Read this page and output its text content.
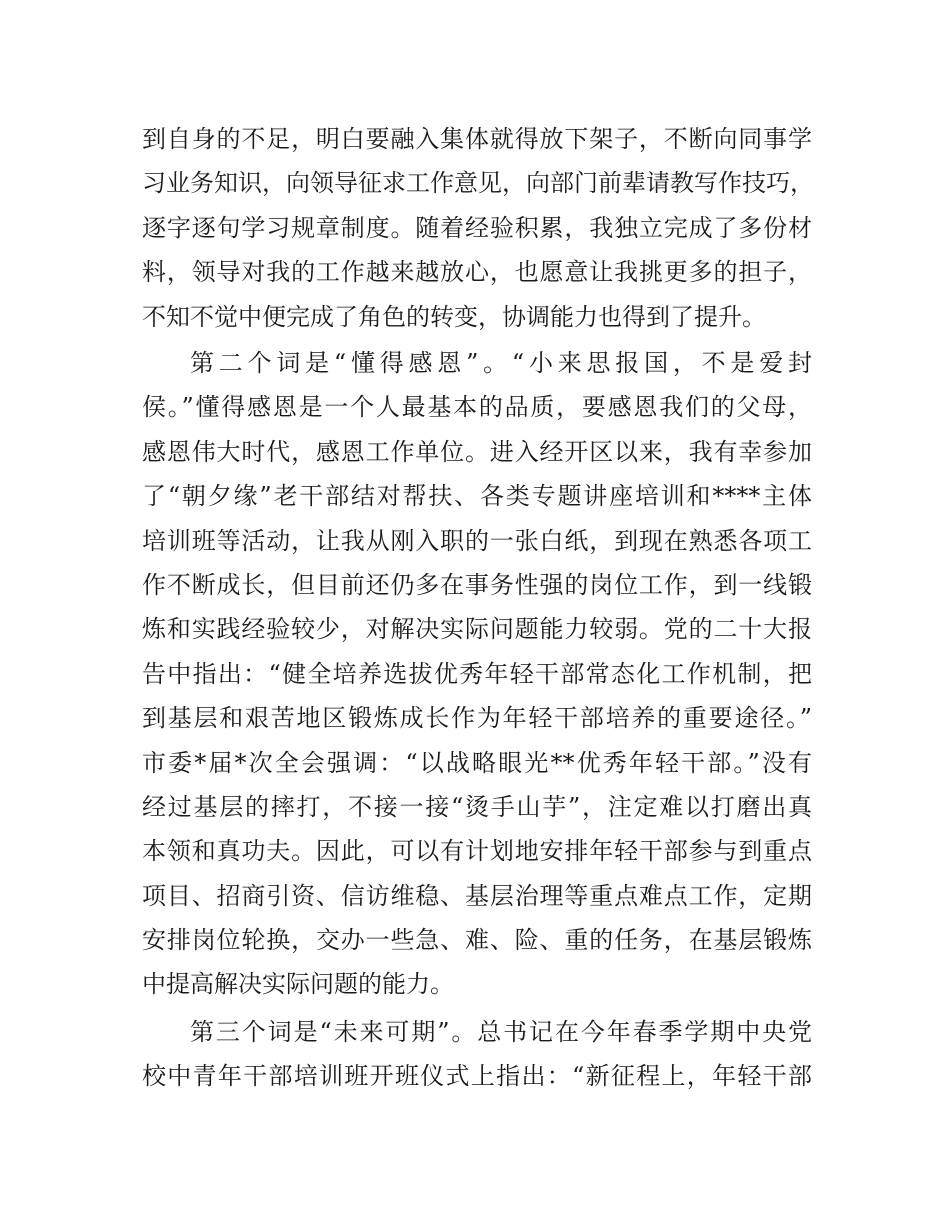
到自身的不足，明白要融入集体就得放下架子，不断向同事学
习业务知识，向领导征求工作意见，向部门前辈请教写作技巧，
逐字逐句学习规章制度。随着经验积累，我独立完成了多份材
料，领导对我的工作越来越放心，也愿意让我挑更多的担子，
不知不觉中便完成了角色的转变，协调能力也得到了提升。
第二个词是“懂得感恩”。“小来思报国，不是爱封
侯。”懂得感恩是一个人最基本的品质，要感恩我们的父母，
感恩伟大时代，感恩工作单位。进入经开区以来，我有幸参加
了“朝夕缘”老干部结对帮扶、各类专题讲座培训和****主体
培训班等活动，让我从刚入职的一张白纸，到现在熟悉各项工
作不断成长，但目前还仍多在事务性强的岗位工作，到一线锻
炼和实践经验较少，对解决实际问题能力较弱。党的二十大报
告中指出：“健全培养选拔优秀年轻干部常态化工作机制，把
到基层和艰苦地区锻炼成长作为年轻干部培养的重要途径。”
市委*届*次全会强调：“以战略眼光**优秀年轻干部。”没有
经过基层的摔打，不接一接“烫手山芋”，注定难以打磨出真
本领和真功夫。因此，可以有计划地安排年轻干部参与到重点
项目、招商引资、信访维稳、基层治理等重点难点工作，定期
安排岗位轮换，交办一些急、难、险、重的任务，在基层锻炼
中提高解决实际问题的能力。
第三个词是“未来可期”。总书记在今年春季学期中央党
校中青年干部培训班开班仪式上指出：“新征程上，年轻干部
